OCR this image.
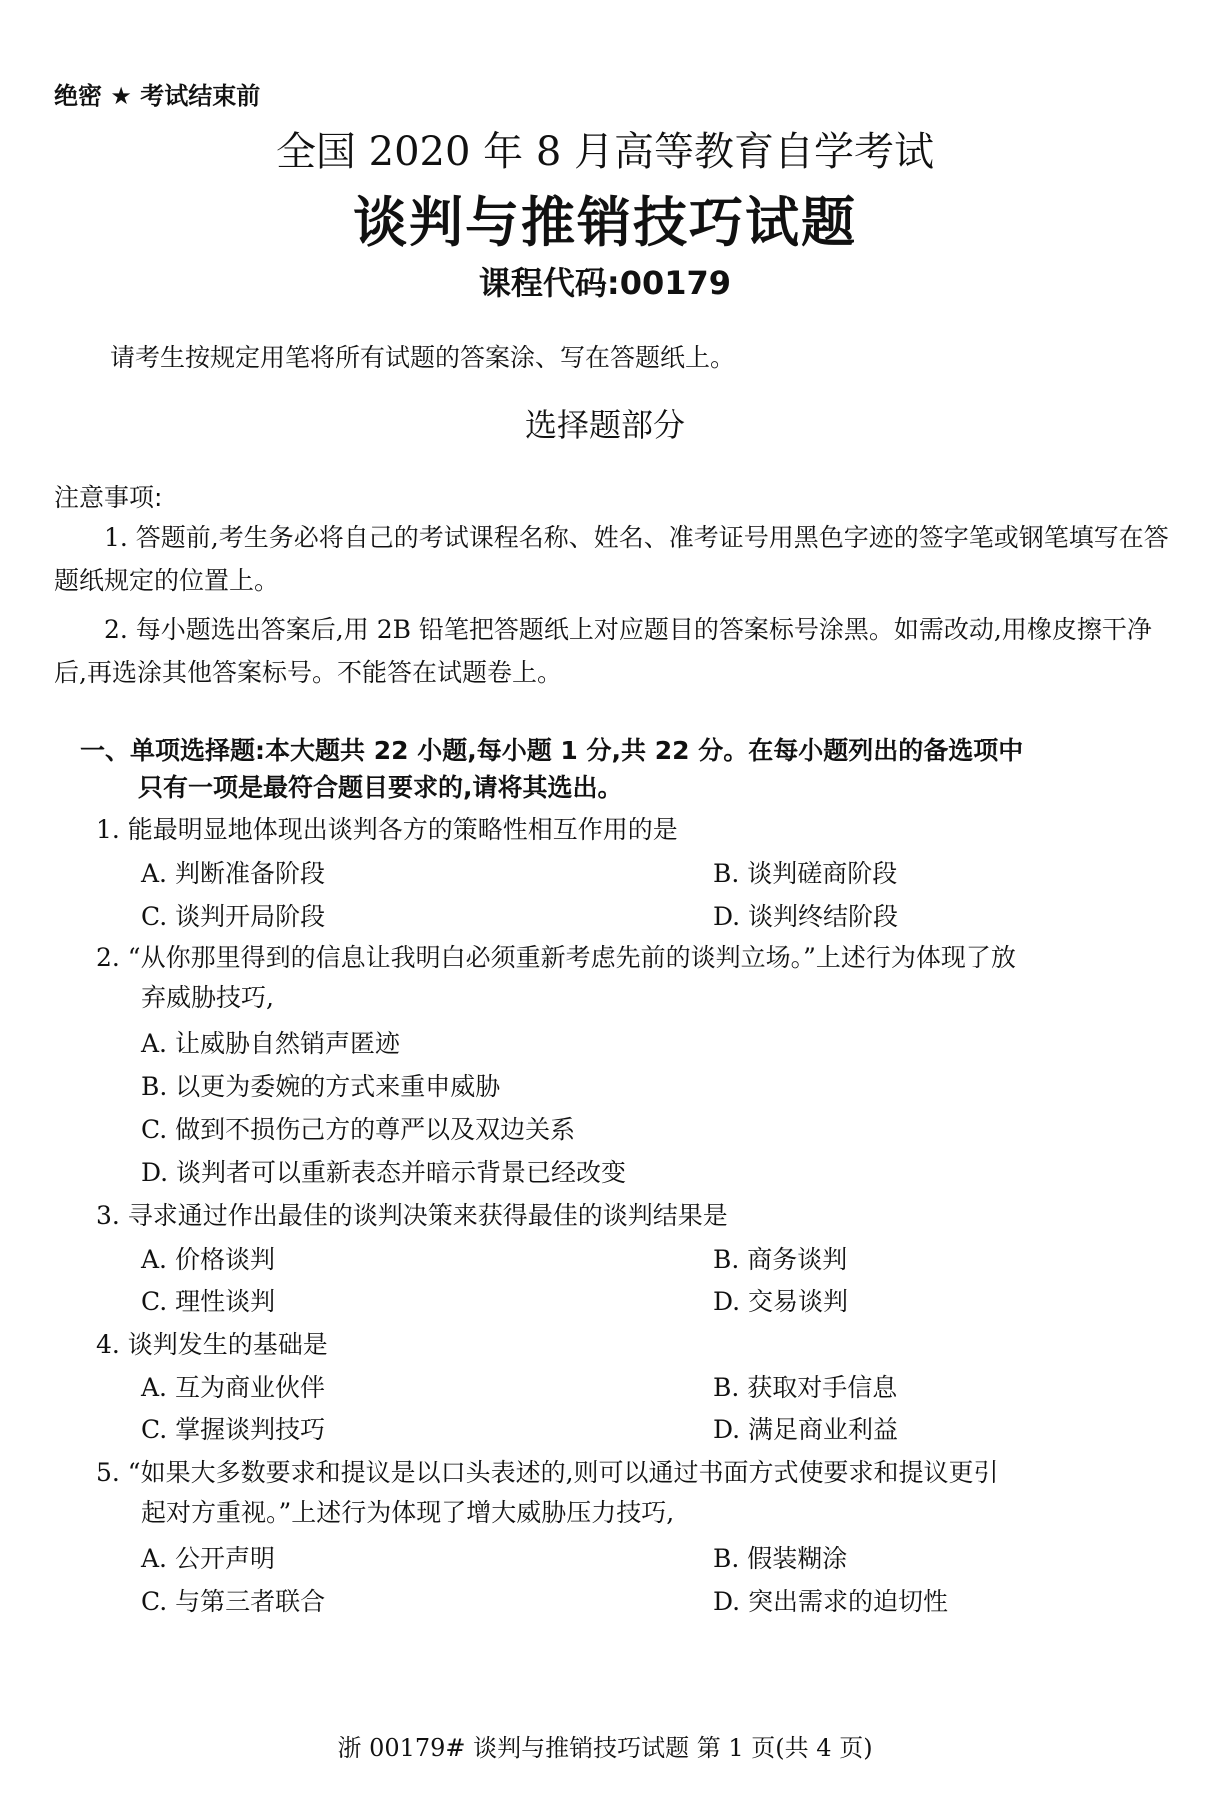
绝密 ★ 考试结束前
全国 2020 年 8 月高等教育自学考试
谈判与推销技巧试题
课程代码:00179
请考生按规定用笔将所有试题的答案涂、写在答题纸上。
选择题部分
注意事项:
1. 答题前,考生务必将自己的考试课程名称、姓名、准考证号用黑色字迹的签字笔或钢笔填写在答题纸规定的位置上。
2. 每小题选出答案后,用 2B 铅笔把答题纸上对应题目的答案标号涂黑。如需改动,用橡皮擦干净后,再选涂其他答案标号。不能答在试题卷上。
一、单项选择题:本大题共 22 小题,每小题 1 分,共 22 分。在每小题列出的备选项中
只有一项是最符合题目要求的,请将其选出。
1. 能最明显地体现出谈判各方的策略性相互作用的是
A. 判断准备阶段	B. 谈判磋商阶段
C. 谈判开局阶段	D. 谈判终结阶段
2. “从你那里得到的信息让我明白必须重新考虑先前的谈判立场。”上述行为体现了放
弃威胁技巧,
A. 让威胁自然销声匿迹
B. 以更为委婉的方式来重申威胁
C. 做到不损伤己方的尊严以及双边关系
D. 谈判者可以重新表态并暗示背景已经改变
3. 寻求通过作出最佳的谈判决策来获得最佳的谈判结果是
A. 价格谈判	B. 商务谈判
C. 理性谈判	D. 交易谈判
4. 谈判发生的基础是
A. 互为商业伙伴	B. 获取对手信息
C. 掌握谈判技巧	D. 满足商业利益
5. “如果大多数要求和提议是以口头表述的,则可以通过书面方式使要求和提议更引
起对方重视。”上述行为体现了增大威胁压力技巧,
A. 公开声明	B. 假装糊涂
C. 与第三者联合	D. 突出需求的迫切性
浙 00179# 谈判与推销技巧试题 第 1 页(共 4 页)
